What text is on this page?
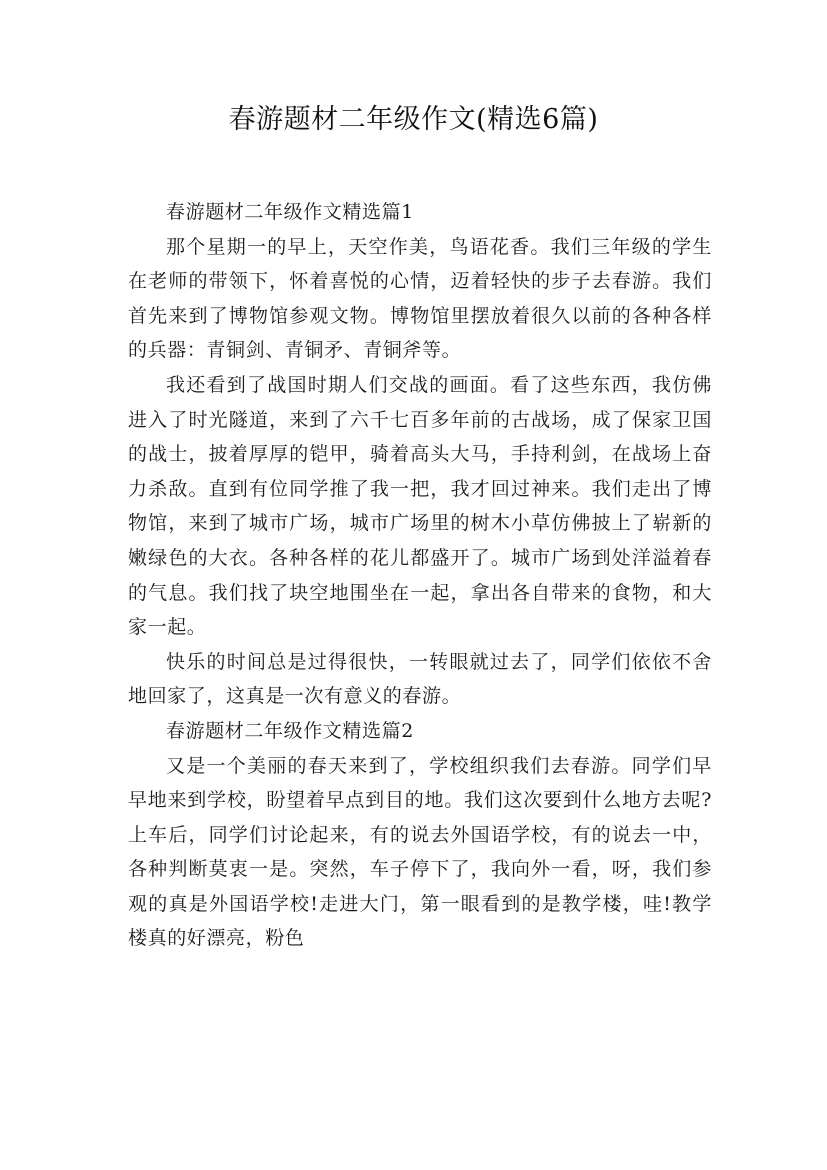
春游题材二年级作文(精选6篇)

春游题材二年级作文精选篇1

那个星期一的早上，天空作美，鸟语花香。我们三年级的学生在老师的带领下，怀着喜悦的心情，迈着轻快的步子去春游。我们首先来到了博物馆参观文物。博物馆里摆放着很久以前的各种各样的兵器：青铜剑、青铜矛、青铜斧等。

我还看到了战国时期人们交战的画面。看了这些东西，我仿佛进入了时光隧道，来到了六千七百多年前的古战场，成了保家卫国的战士，披着厚厚的铠甲，骑着高头大马，手持利剑，在战场上奋力杀敌。直到有位同学推了我一把，我才回过神来。我们走出了博物馆，来到了城市广场，城市广场里的树木小草仿佛披上了崭新的嫩绿色的大衣。各种各样的花儿都盛开了。城市广场到处洋溢着春的气息。我们找了块空地围坐在一起，拿出各自带来的食物，和大家一起。

快乐的时间总是过得很快，一转眼就过去了，同学们依依不舍地回家了，这真是一次有意义的春游。

春游题材二年级作文精选篇2

又是一个美丽的春天来到了，学校组织我们去春游。同学们早早地来到学校，盼望着早点到目的地。我们这次要到什么地方去呢?上车后，同学们讨论起来，有的说去外国语学校，有的说去一中，各种判断莫衷一是。突然，车子停下了，我向外一看，呀，我们参观的真是外国语学校!走进大门，第一眼看到的是教学楼，哇!教学楼真的好漂亮，粉色
